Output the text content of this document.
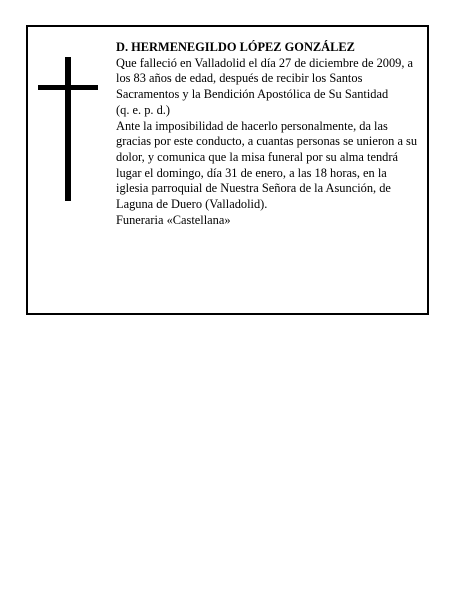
D. HERMENEGILDO LÓPEZ GONZÁLEZ

Que falleció en Valladolid el día 27 de diciembre de 2009, a los 83 años de edad, después de recibir los Santos Sacramentos y la Bendición Apostólica de Su Santidad

(q. e. p. d.)

Ante la imposibilidad de hacerlo personalmente, da las gracias por este conducto, a cuantas personas se unieron a su dolor, y comunica que la misa funeral por su alma tendrá lugar el domingo, día 31 de enero, a las 18 horas, en la iglesia parroquial de Nuestra Señora de la Asunción, de Laguna de Duero (Valladolid).

Funeraria «Castellana»
